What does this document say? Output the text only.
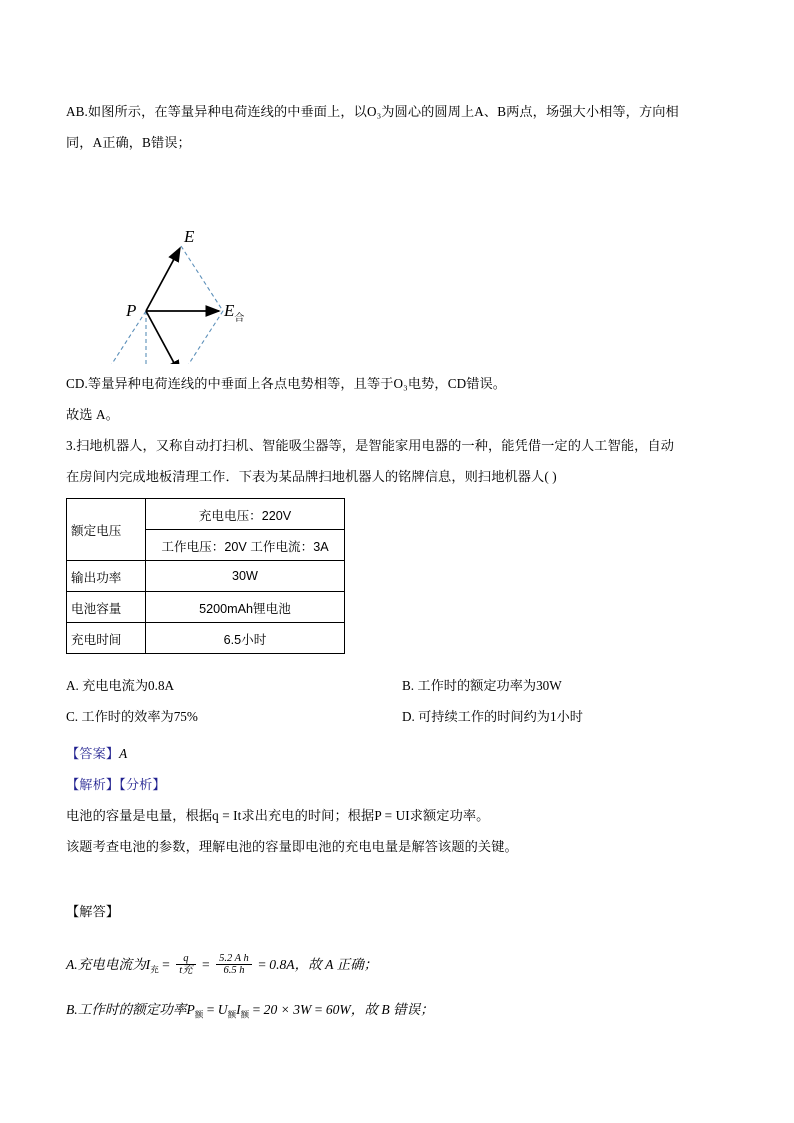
AB.如图所示，在等量异种电荷连线的中垂面上，以O₃为圆心的圆周上A、B两点，场强大小相等，方向相
同，A正确，B错误；
P
E
$E_合$
CD.等量异种电荷连线的中垂面上各点电势相等，且等于O₃电势，CD错误。
故选 A。
3.扫地机器人，又称自动打扫机、智能吸尘器等，是智能家用电器的一种，能凭借一定的人工智能，自动
在房间内完成地板清理工作．下表为某品牌扫地机器人的铭牌信息，则扫地机器人( )
额定电压	充电电压：220V
	工作电压：20V 工作电流：3A
输出功率	30W
电池容量	5200mAh锂电池
充电时间	6.5小时
A. 充电电流为0.8A	B. 工作时的额定功率为30W
C. 工作时的效率为75%	D. 可持续工作的时间约为1小时
【答案】A
【解析】【分析】
电池的容量是电量，根据q = It求出充电的时间；根据P = UI求额定功率。
该题考查电池的参数，理解电池的容量即电池的充电电量是解答该题的关键。
【解答】
A.充电电流为$I_充 = \frac{q}{\text{t充}} = \frac{\text{5.2 A h}}{6.5 h} = 0.8A$，故 A 正确；
B.工作时的额定功率$P_额 = U_额I_额 = 20 \times 3W = 60W$，故 B 错误；
